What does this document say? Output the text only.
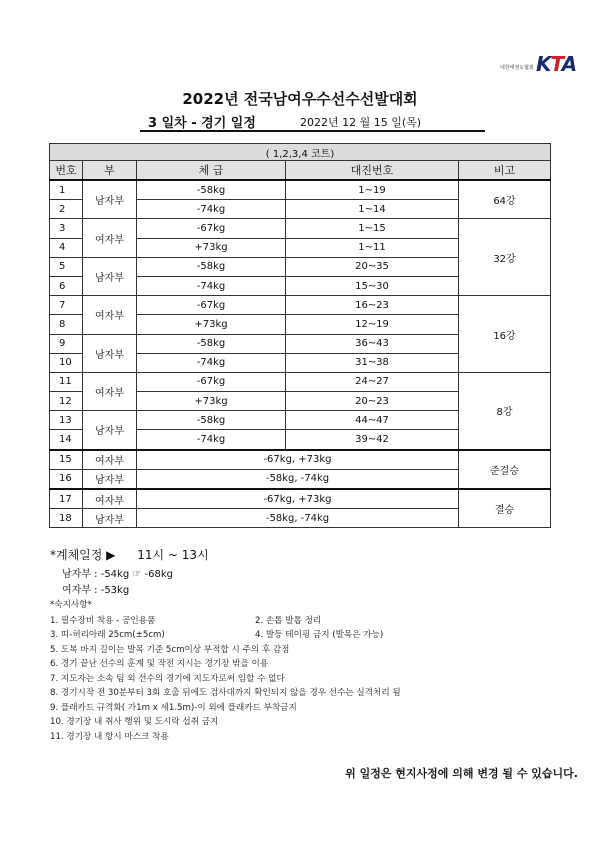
대한태권도협회 KTA
2022년 전국남여우수선수선발대회
3 일차 - 경기 일정	2022년 12 월 15 일(목)
( 1,2,3,4 코트)				
번호	부	체 급	대진번호	비고
1	남자부	-58kg	1~19	64강
2		-74kg	1~14	
3	여자부	-67kg	1~15	32강
4		+73kg	1~11	
5	남자부	-58kg	20~35	
6		-74kg	15~30	
7	여자부	-67kg	16~23	16강
8		+73kg	12~19	
9	남자부	-58kg	36~43	
10		-74kg	31~38	
11	여자부	-67kg	24~27	8강
12		+73kg	20~23	
13	남자부	-58kg	44~47	
14		-74kg	39~42	
15	여자부	-67kg, +73kg		준결승
16	남자부	-58kg, -74kg		
17	여자부	-67kg, +73kg		결승
18	남자부	-58kg, -74kg		
*계체일정 ▶ 11시 ~ 13시
남자부 : -54kg ☞ -68kg
여자부 : -53kg
*숙지사항*
1. 필수장비 착용 - 공인용품	2. 손톱 발톱 정리
3. 띠-허리아래 25cm(±5cm)	4. 발등 테이핑 금지 (발목은 가능)
5. 도복 바지 길이는 발목 기준 5cm이상 부적합 시 주의 후 감점
6. 경기 끝난 선수의 훈계 및 작전 지시는 경기장 밖을 이용
7. 지도자는 소속 팀 외 선수의 경기에 지도자로써 임할 수 없다
8. 경기시작 전 30분부터 3회 호출 뒤에도 검사대까지 확인되지 않을 경우 선수는 실격처리 됨
9. 플래카드 규격화( 가1m x 세1.5m)-이 외에 플래카드 부착금지
10. 경기장 내 취사 행위 및 도시락 섭취 금지
11. 경기장 내 항시 마스크 착용
위 일정은 현지사정에 의해 변경 될 수 있습니다.
